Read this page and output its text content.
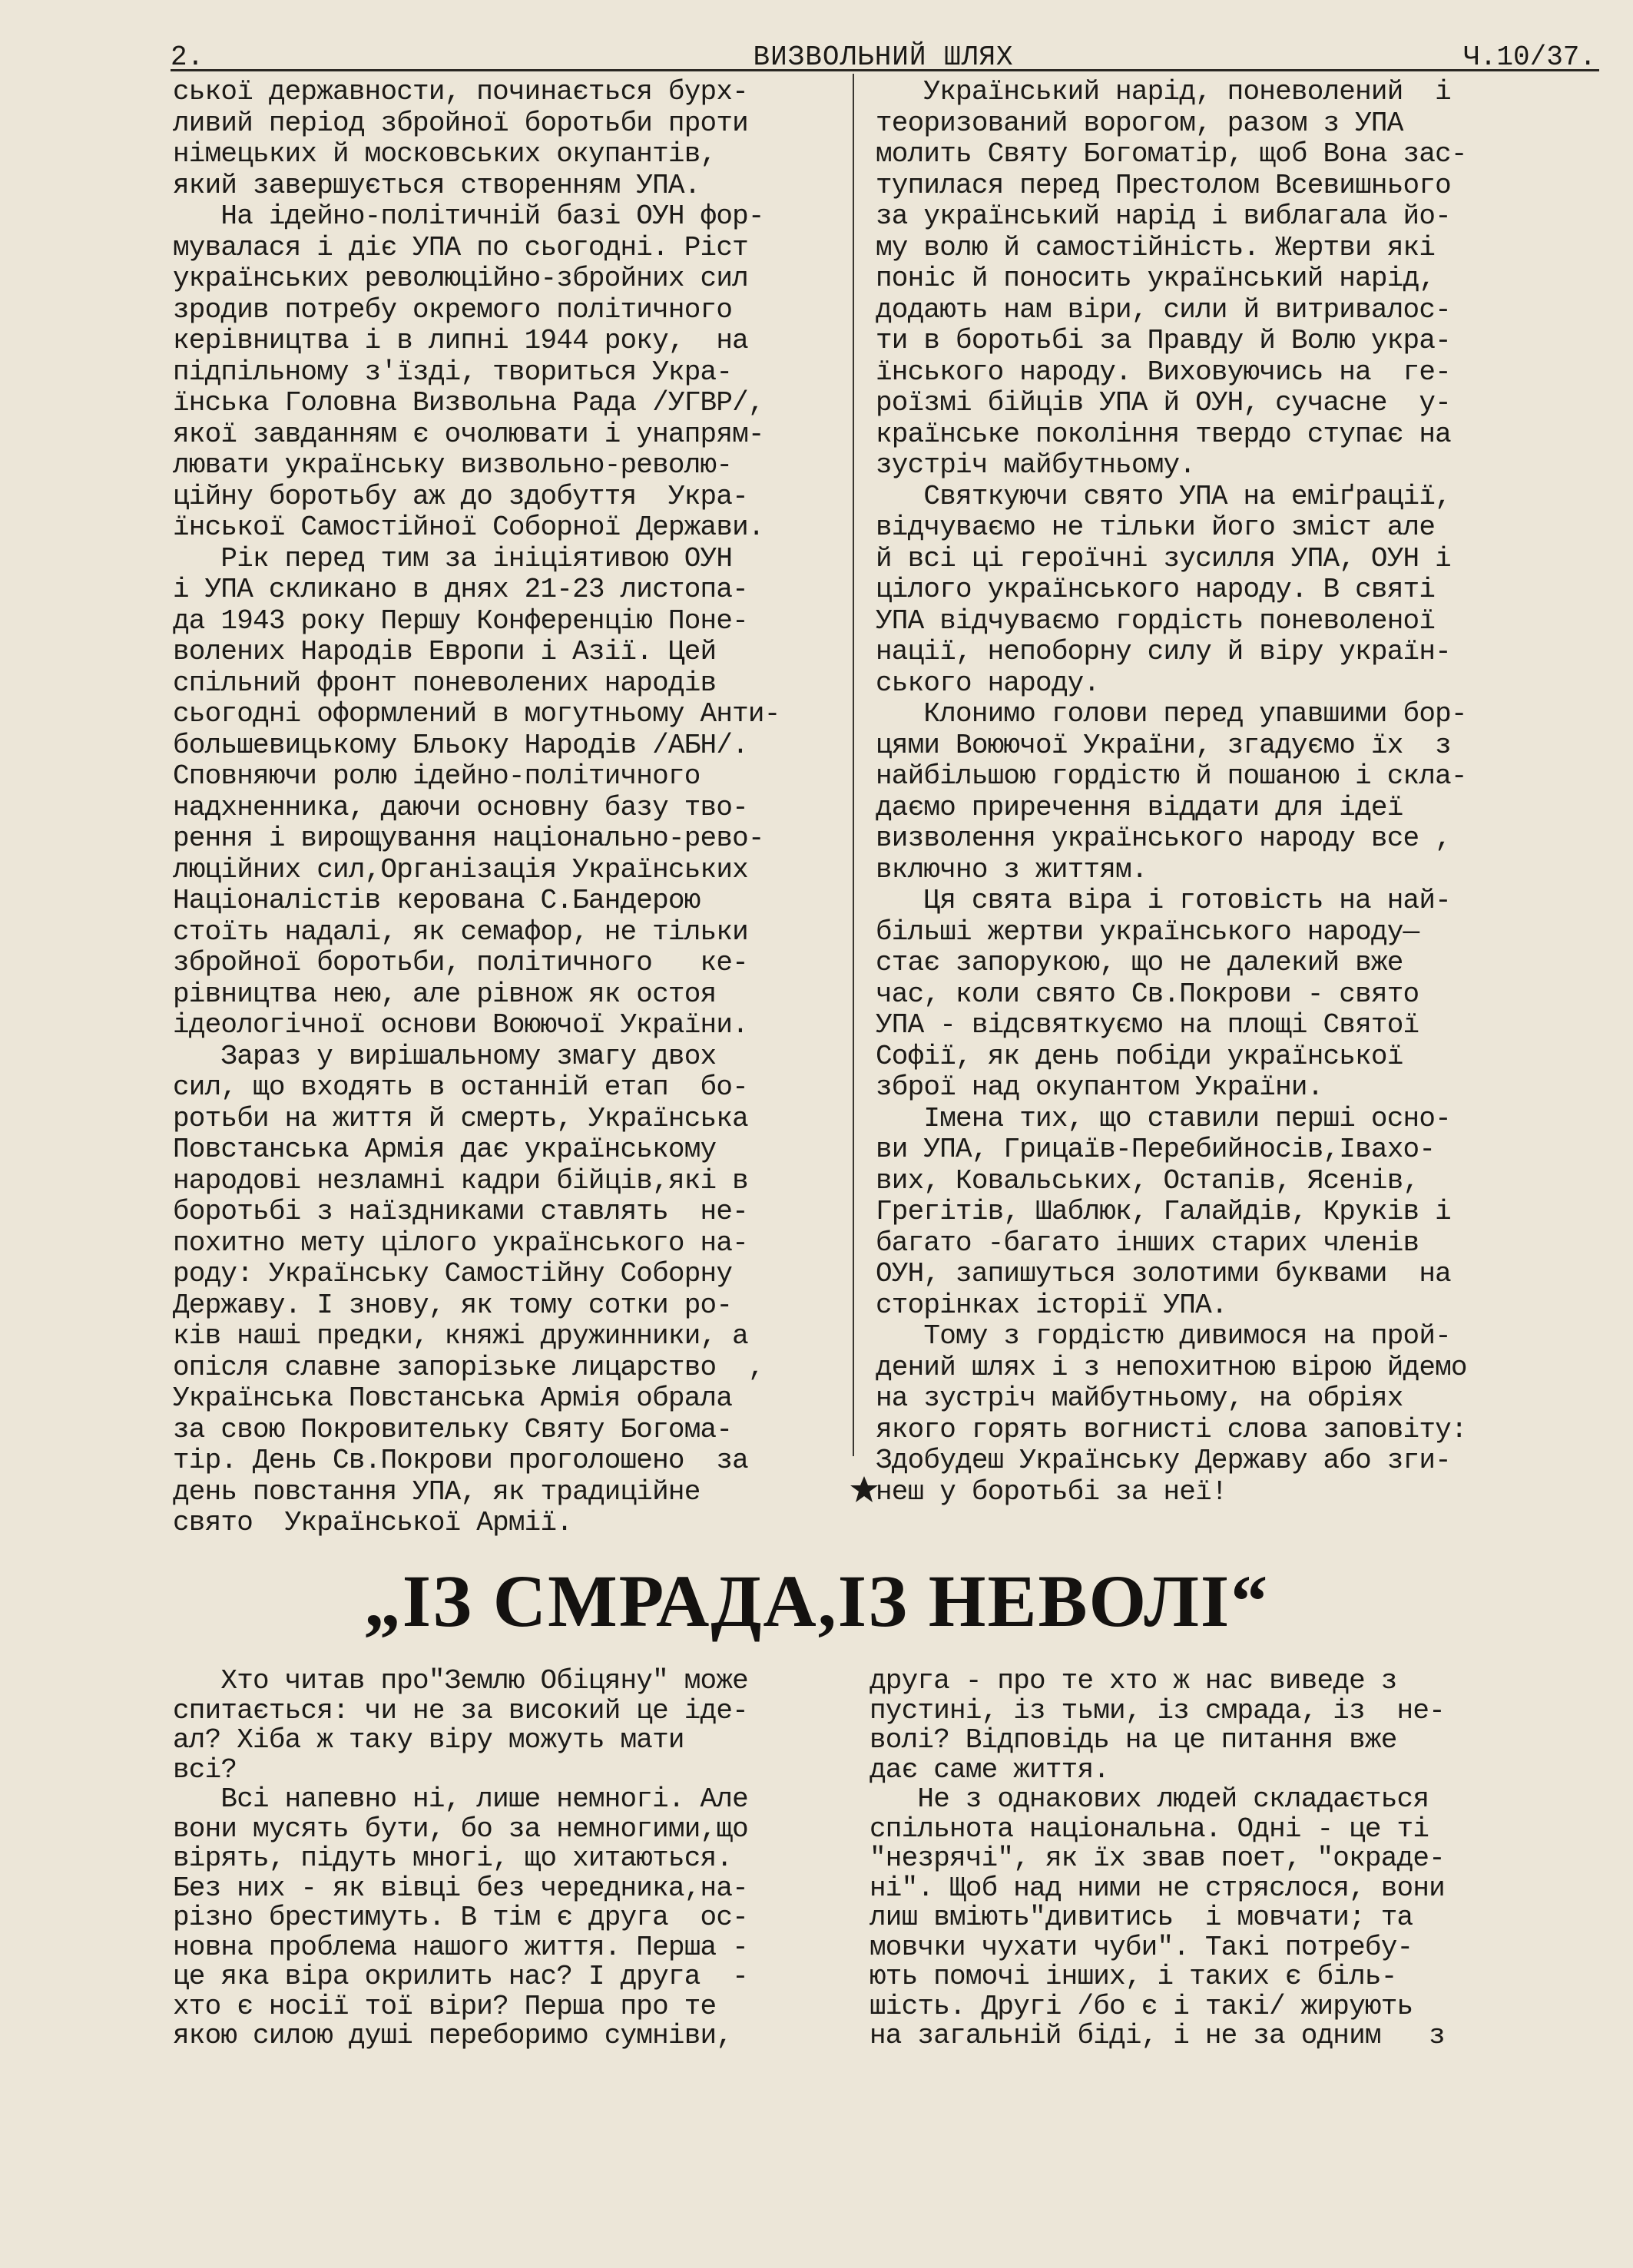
2.	ВИЗВОЛЬНИЙ ШЛЯХ	Ч.10/37.
ської державности, починається бурх-
ливий період збройної боротьби проти
німецьких й московських окупантів,
який завершується створенням УПА.
На ідейно-політичній базі ОУН фор-
мувалася і діє УПА по сьогодні. Ріст
українських революційно-збройних сил
зродив потребу окремого політичного
керівництва і в липні 1944 року,  на
підпільному з'їзді, твориться Укра-
їнська Головна Визвольна Рада /УГВР/,
якої завданням є очолювати і унапрям-
лювати українську визвольно-револю-
ційну боротьбу аж до здобуття  Укра-
їнської Самостійної Соборної Держави.
Рік перед тим за ініціятивою ОУН
і УПА скликано в днях 21-23 листопа-
да 1943 року Першу Конференцію Поне-
волених Народів Европи і Азії. Цей
спільний фронт поневолених народів
сьогодні оформлений в могутньому Анти-
большевицькому Бльоку Народів /АБН/.
Сповняючи ролю ідейно-політичного
надхненника, даючи основну базу тво-
рення і вирощування національно-рево-
люційних сил,Організація Українських
Націоналістів керована С.Бандерою
стоїть надалі, як семафор, не тільки
збройної боротьби, політичного   ке-
рівництва нею, але рівнож як остоя
ідеологічної основи Воюючої України.
Зараз у вирішальному змагу двох
сил, що входять в останній етап  бо-
ротьби на життя й смерть, Українська
Повстанська Армія дає українському
народові незламні кадри бійців,які в
боротьбі з наїздниками ставлять  не-
похитно мету цілого українського на-
роду: Українську Самостійну Соборну
Державу. І знову, як тому сотки ро-
ків наші предки, княжі дружинники, а
опісля славне запорізьке лицарство  ,
Українська Повстанська Армія обрала
за свою Покровительку Святу Богома-
тір. День Св.Покрови проголошено  за
день повстання УПА, як традиційне
свято  Української Армії.
Український нарід, поневолений  і
теоризований ворогом, разом з УПА
молить Святу Богоматір, щоб Вона зас-
тупилася перед Престолом Всевишнього
за український нарід і виблагала йо-
му волю й самостійність. Жертви які
поніс й поносить український нарід,
додають нам віри, сили й витривалос-
ти в боротьбі за Правду й Волю укра-
їнського народу. Виховуючись на  ге-
роїзмі бійців УПА й ОУН, сучасне  у-
країнське покоління твердо ступає на
зустріч майбутньому.
Святкуючи свято УПА на еміґрації,
відчуваємо не тільки його зміст але
й всі ці героїчні зусилля УПА, ОУН і
цілого українського народу. В святі
УПА відчуваємо гордість поневоленої
нації, непоборну силу й віру україн-
ського народу.
Клонимо голови перед упавшими бор-
цями Воюючої України, згадуємо їх  з
найбільшою гордістю й пошаною і скла-
даємо приречення віддати для ідеї
визволення українського народу все ,
включно з життям.
Ця свята віра і готовість на най-
більші жертви українського народу—
стає запорукою, що не далекий вже
час, коли свято Св.Покрови - свято
УПА - відсвяткуємо на площі Святої
Софії, як день побіди української
зброї над окупантом України.
Імена тих, що ставили перші осно-
ви УПА, Грицаїв-Перебийносів,Івахо-
вих, Ковальських, Остапів, Ясенів,
Грегітів, Шаблюк, Галайдів, Круків і
багато -багато інших старих членів
ОУН, запишуться золотими буквами  на
сторінках історії УПА.
Тому з гордістю дивимося на прой-
дений шлях і з непохитною вірою йдемо
на зустріч майбутньому, на обріях
якого горять вогнисті слова заповіту:
Здобудеш Українську Державу або зги-
неш у боротьбі за неї!
„ІЗ СМРАДА,ІЗ НЕВОЛІ“
Хто читав про"Землю Обіцяну" може
спитається: чи не за високий це іде-
ал? Хіба ж таку віру можуть мати
всі?
Всі напевно ні, лише немногі. Але
вони мусять бути, бо за немногими,що
вірять, підуть многі, що хитаються.
Без них - як вівці без чередника,на-
різно брестимуть. В тім є друга  ос-
новна проблема нашого життя. Перша -
це яка віра окрилить нас? І друга  -
хто є носії тої віри? Перша про те
якою силою душі переборимо сумніви,
друга - про те хто ж нас виведе з
пустині, із тьми, із смрада, із  не-
волі? Відповідь на це питання вже
дає саме життя.
Не з однакових людей складається
спільнота національна. Одні - це ті
"незрячі", як їх звав поет, "окраде-
ні". Щоб над ними не стряслося, вони
лиш вміють"дивитись  і мовчати; та
мовчки чухати чуби". Такі потребу-
ють помочі інших, і таких є біль-
шість. Другі /бо є і такі/ жирують
на загальній біді, і не за одним   з
